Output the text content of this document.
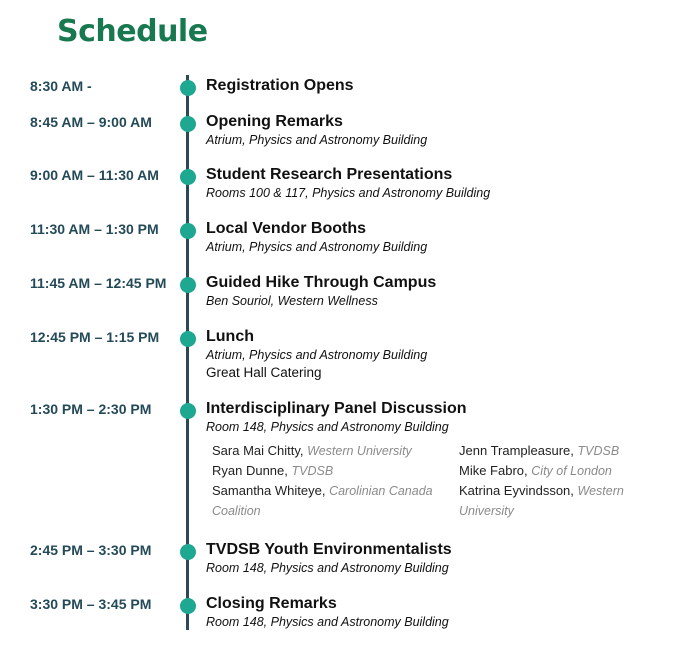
Schedule
8:30 AM -	Registration Opens
8:45 AM – 9:00 AM	Opening Remarks
Atrium, Physics and Astronomy Building
9:00 AM – 11:30 AM	Student Research Presentations
Rooms 100 & 117, Physics and Astronomy Building
11:30 AM – 1:30 PM	Local Vendor Booths
Atrium, Physics and Astronomy Building
11:45 AM – 12:45 PM Guided Hike Through Campus
Ben Souriol, Western Wellness
12:45 PM – 1:15 PM	Lunch
Atrium, Physics and Astronomy Building
Great Hall Catering
1:30 PM – 2:30 PM	Interdisciplinary Panel Discussion
Room 148, Physics and Astronomy Building
Sara Mai Chitty, Western University
Ryan Dunne, TVDSB
Samantha Whiteye, Carolinian Canada Coalition
Jenn Trampleasure, TVDSB
Mike Fabro, City of London
Katrina Eyvindsson, Western University
2:45 PM – 3:30 PM	TVDSB Youth Environmentalists
Room 148, Physics and Astronomy Building
3:30 PM – 3:45 PM	Closing Remarks
Room 148, Physics and Astronomy Building
